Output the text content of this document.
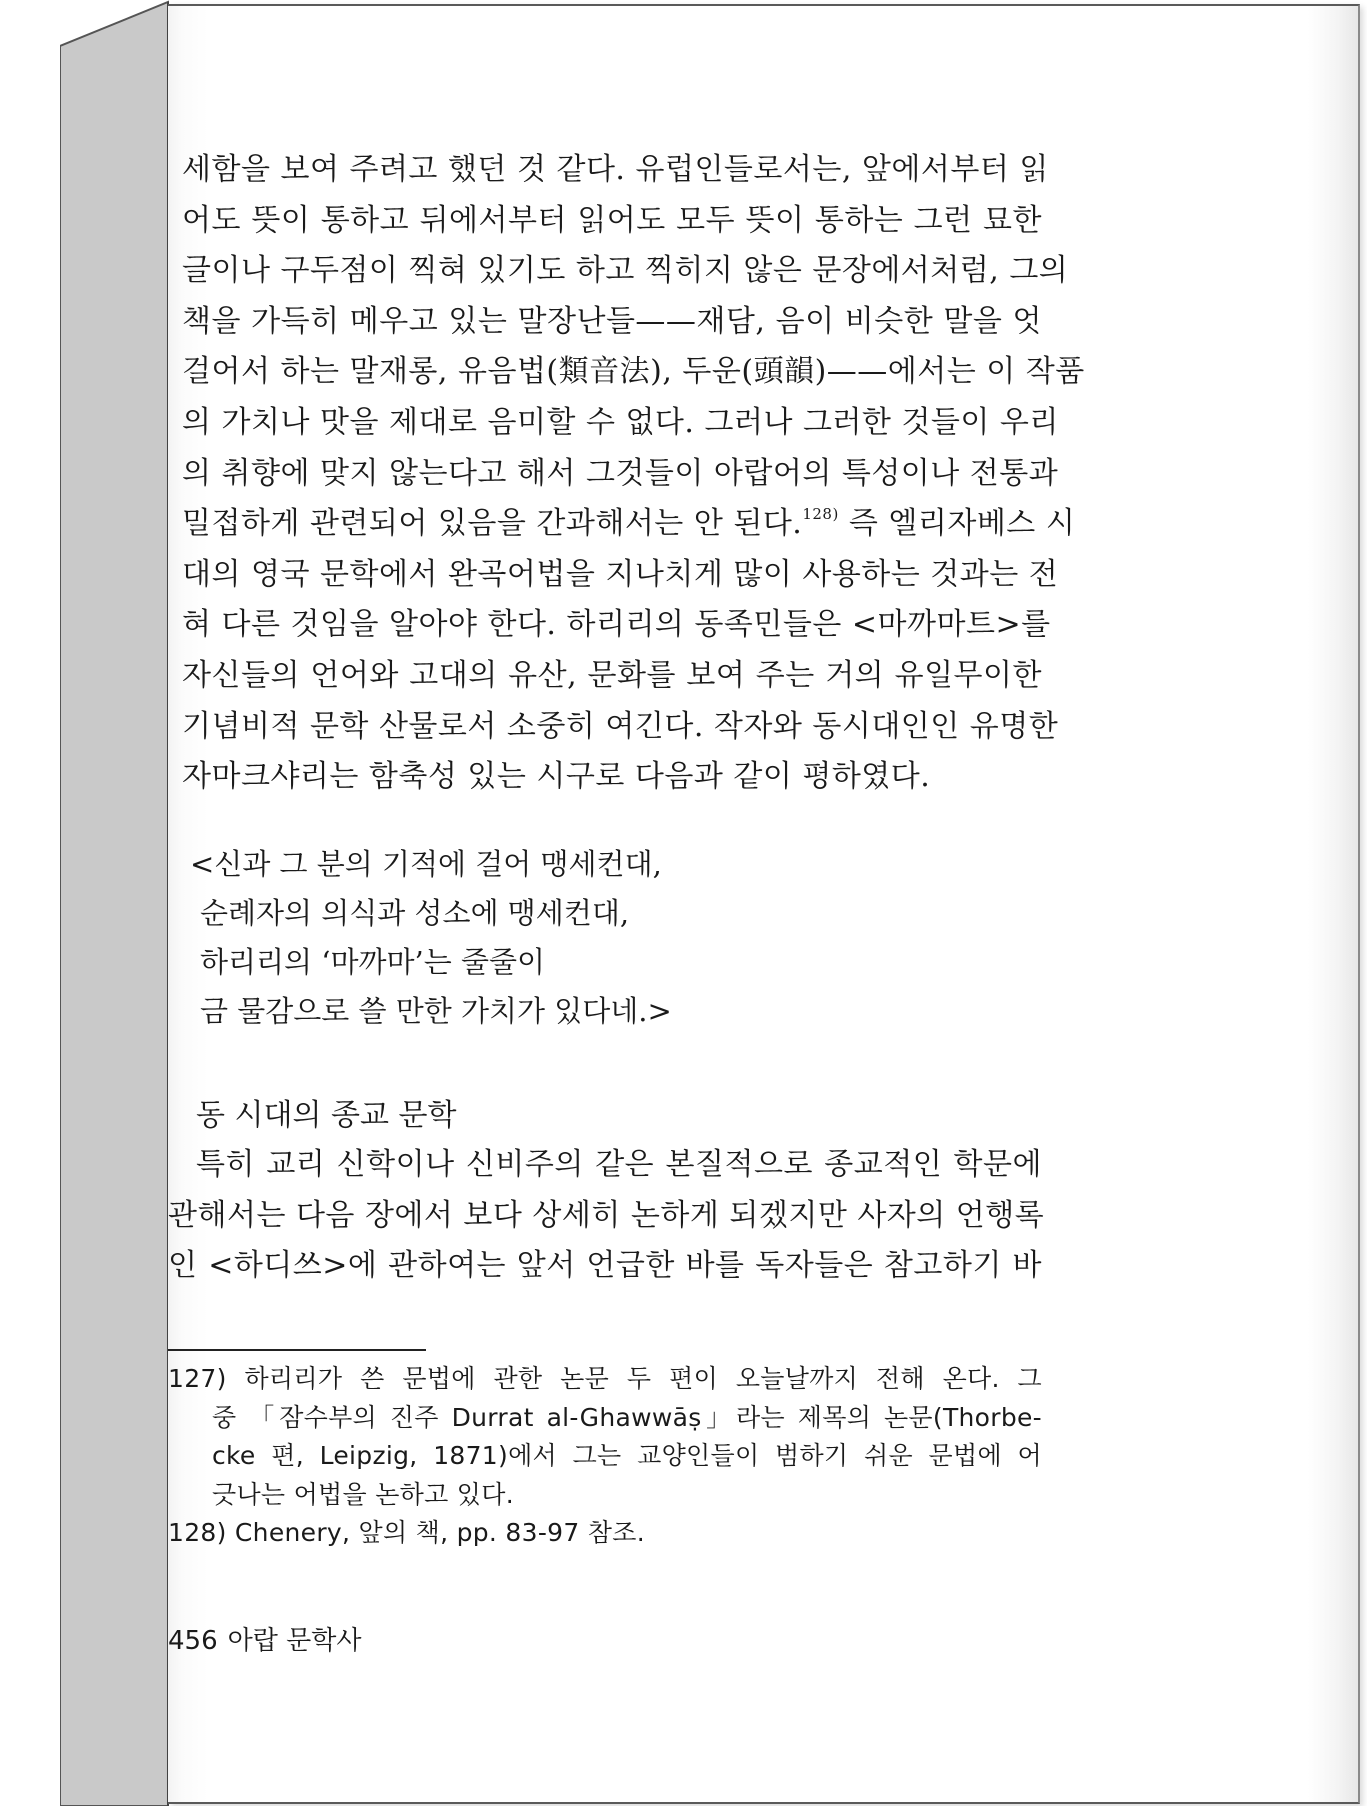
세함을 보여 주려고 했던 것 같다. 유럽인들로서는, 앞에서부터 읽
어도 뜻이 통하고 뒤에서부터 읽어도 모두 뜻이 통하는 그런 묘한
글이나 구두점이 찍혀 있기도 하고 찍히지 않은 문장에서처럼, 그의
책을 가득히 메우고 있는 말장난들——재담, 음이 비슷한 말을 엇
걸어서 하는 말재롱, 유음법(類音法), 두운(頭韻)——에서는 이 작품
의 가치나 맛을 제대로 음미할 수 없다. 그러나 그러한 것들이 우리
의 취향에 맞지 않는다고 해서 그것들이 아랍어의 특성이나 전통과
밀접하게 관련되어 있음을 간과해서는 안 된다.$^{128)}$ 즉 엘리자베스 시
대의 영국 문학에서 완곡어법을 지나치게 많이 사용하는 것과는 전
혀 다른 것임을 알아야 한다. 하리리의 동족민들은 <마까마트>를
자신들의 언어와 고대의 유산, 문화를 보여 주는 거의 유일무이한
기념비적 문학 산물로서 소중히 여긴다. 작자와 동시대인인 유명한
자마크샤리는 함축성 있는 시구로 다음과 같이 평하였다.
<신과 그 분의 기적에 걸어 맹세컨대,
순례자의 의식과 성소에 맹세컨대,
하리리의 ‘마까마’는 줄줄이
금 물감으로 쓸 만한 가치가 있다네.>
동 시대의 종교 문학
특히 교리 신학이나 신비주의 같은 본질적으로 종교적인 학문에
관해서는 다음 장에서 보다 상세히 논하게 되겠지만 사자의 언행록
인 <하디쓰>에 관하여는 앞서 언급한 바를 독자들은 참고하기 바
127) 하리리가 쓴 문법에 관한 논문 두 편이 오늘날까지 전해 온다. 그
중 「잠수부의 진주 Durrat al-Ghawwāṣ」라는 제목의 논문(Thorbe-
cke 편, Leipzig, 1871)에서 그는 교양인들이 범하기 쉬운 문법에 어
긋나는 어법을 논하고 있다.
128) Chenery, 앞의 책, pp. 83-97 참조.
456 아랍 문학사
